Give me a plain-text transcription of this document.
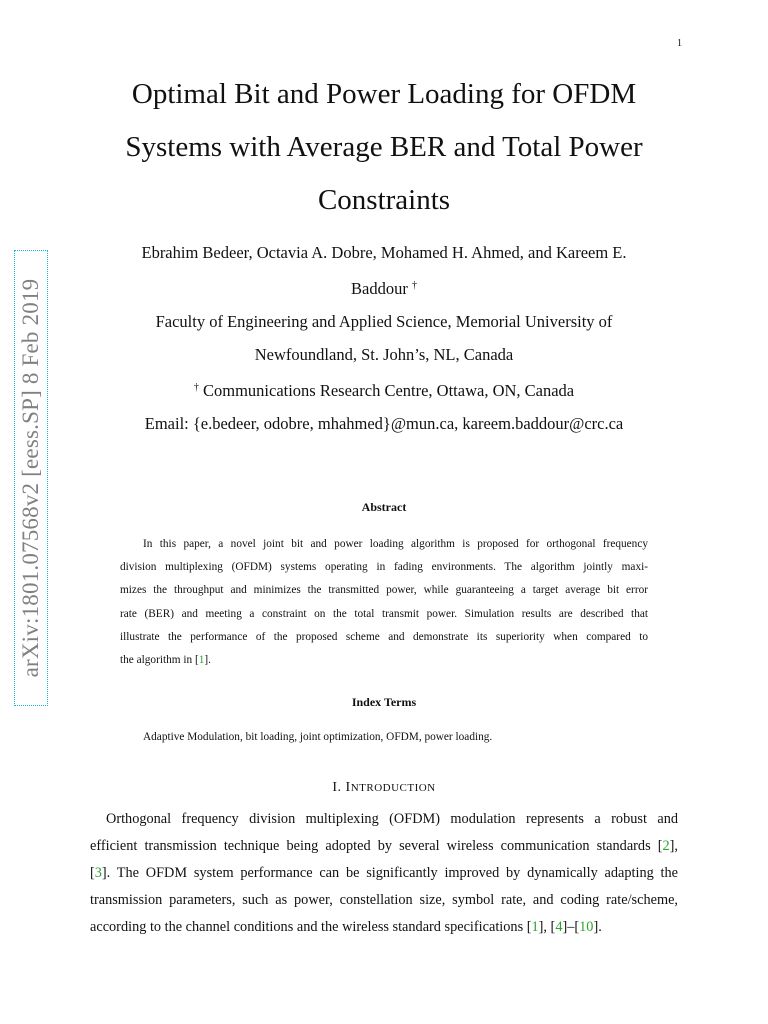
1
arXiv:1801.07568v2 [eess.SP] 8 Feb 2019
Optimal Bit and Power Loading for OFDM
Systems with Average BER and Total Power
Constraints
Ebrahim Bedeer, Octavia A. Dobre, Mohamed H. Ahmed, and Kareem E.
Baddour †
Faculty of Engineering and Applied Science, Memorial University of
Newfoundland, St. John’s, NL, Canada
† Communications Research Centre, Ottawa, ON, Canada
Email: {e.bedeer, odobre, mhahmed}@mun.ca, kareem.baddour@crc.ca
Abstract
In this paper, a novel joint bit and power loading algorithm is proposed for orthogonal frequency
division multiplexing (OFDM) systems operating in fading environments. The algorithm jointly maxi-
mizes the throughput and minimizes the transmitted power, while guaranteeing a target average bit error
rate (BER) and meeting a constraint on the total transmit power. Simulation results are described that
illustrate the performance of the proposed scheme and demonstrate its superiority when compared to
the algorithm in [1].
Index Terms
Adaptive Modulation, bit loading, joint optimization, OFDM, power loading.
I. INTRODUCTION
Orthogonal frequency division multiplexing (OFDM) modulation represents a robust and
efficient transmission technique being adopted by several wireless communication standards [2],
[3]. The OFDM system performance can be significantly improved by dynamically adapting the
transmission parameters, such as power, constellation size, symbol rate, and coding rate/scheme,
according to the channel conditions and the wireless standard specifications [1], [4]–[10].
